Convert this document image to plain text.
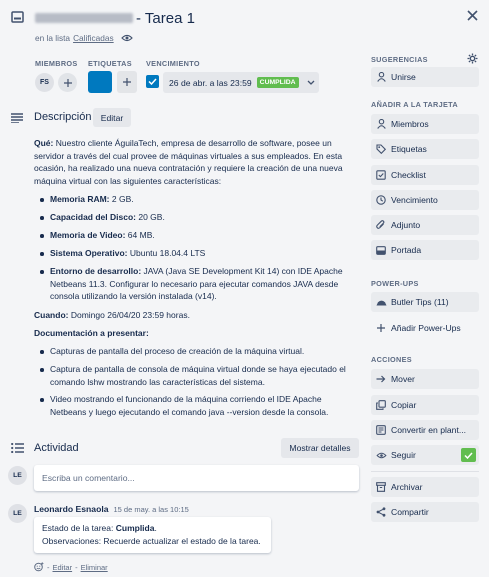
- Tarea 1
en la lista Calificadas
MIEMBROS
FS
ETIQUETAS VENCIMIENTO
26 de abr. a las 23:59	CUMPLIDA
Descripción	Editar

Qué: Nuestro cliente ÁguilaTech, empresa de desarrollo de software, posee un servidor a través del cual provee de máquinas virtuales a sus empleados. En esta ocasión, ha realizado una nueva contratación y requiere la creación de una nueva máquina virtual con las siguientes características:

Memoria RAM: 2 GB.

Capacidad del Disco: 20 GB.

Memoria de Video: 64 MB.

Sistema Operativo: Ubuntu 18.04.4 LTS

Entorno de desarrollo: JAVA (Java SE Development Kit 14) con IDE Apache Netbeans 11.3. Configurar lo necesario para ejecutar comandos JAVA desde consola utilizando la versión instalada (v14).

Cuando: Domingo 26/04/20 23:59 horas.

Documentación a presentar:

Capturas de pantalla del proceso de creación de la máquina virtual.

Captura de pantalla de consola de máquina virtual donde se haya ejecutado el comando lshw mostrando las características del sistema.

Video mostrando el funcionando de la máquina corriendo el IDE Apache Netbeans y luego ejecutando el comando java --version desde la consola.

Actividad	Mostrar detalles
LE	Escriba un comentario...
LE	Leonardo Esnaola 15 de may. a las 10:15
Estado de la tarea: Cumplida.
Observaciones: Recuerde actualizar el estado de la tarea.
- Editar - Eliminar
SUGERENCIAS
Unirse
AÑADIR A LA TARJETA
Miembros
Etiquetas
Checklist
Vencimiento
Adjunto
Portada
POWER-UPS
Butler Tips (11)
Añadir Power-Ups
ACCIONES
Mover
Copiar
Convertir en plant...
Seguir
Archivar
Compartir
